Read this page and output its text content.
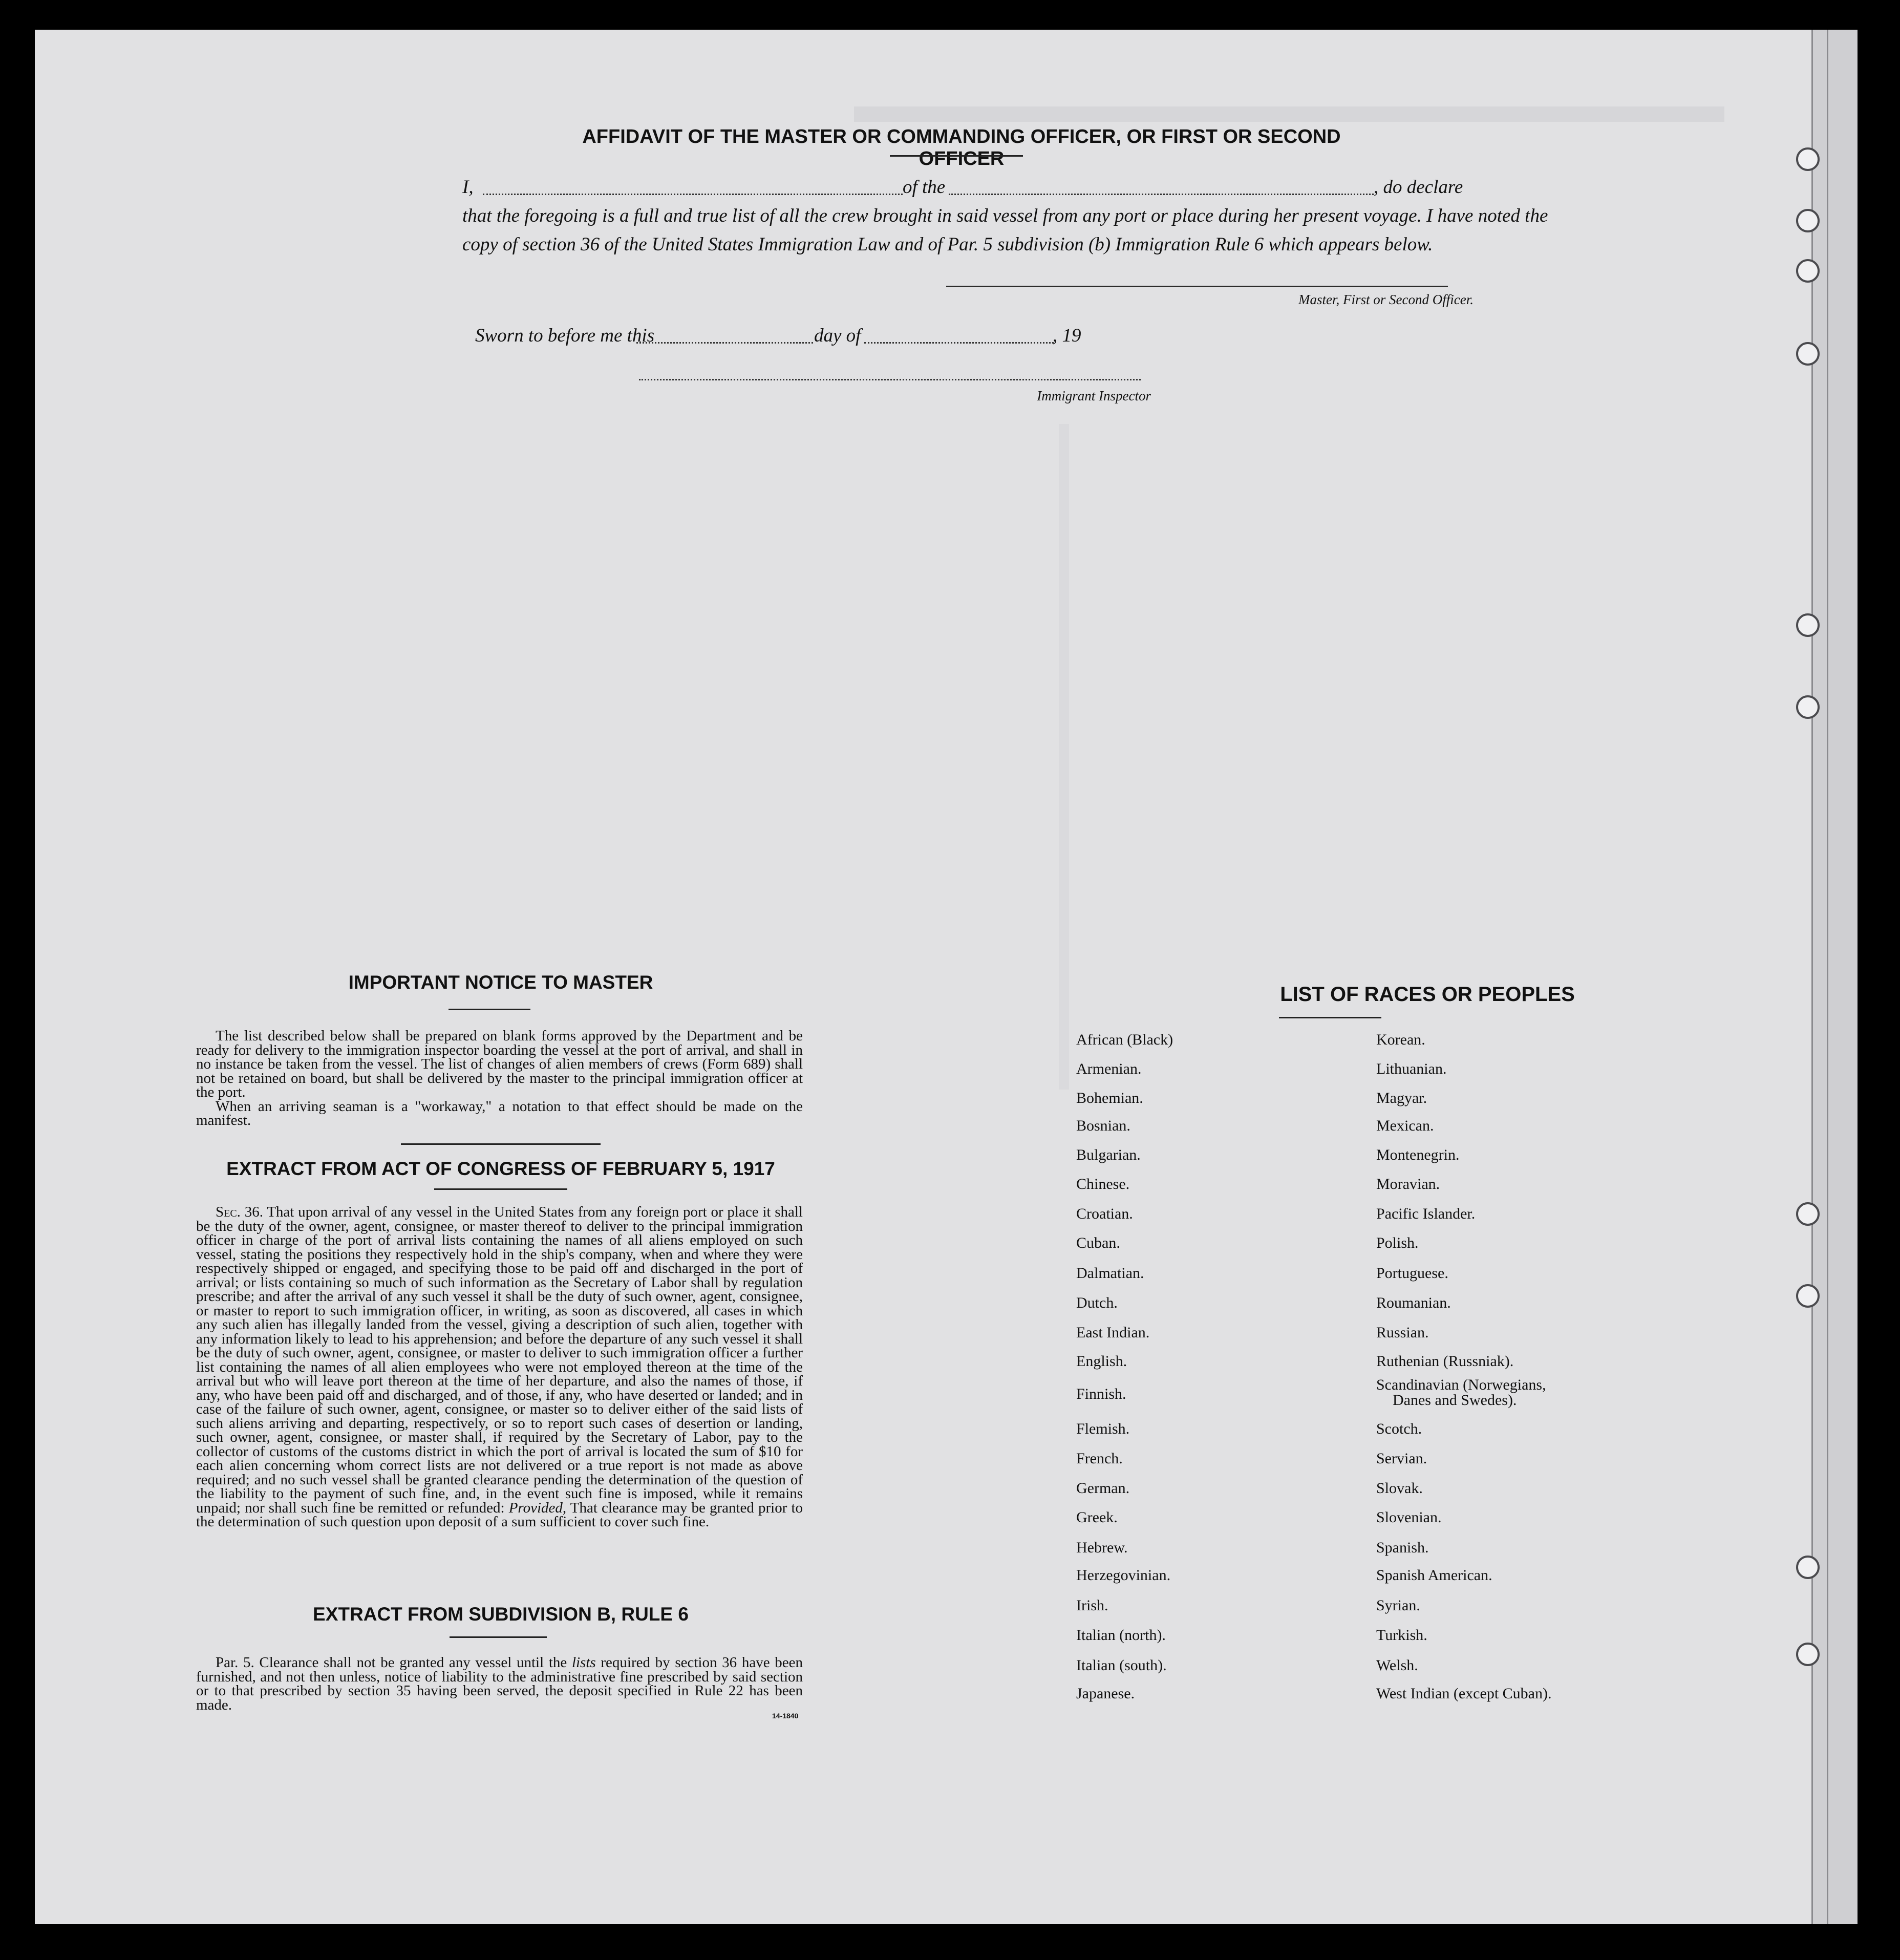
AFFIDAVIT OF THE MASTER OR COMMANDING OFFICER, OR FIRST OR SECOND OFFICER
I,	of the	, do declare
that the foregoing is a full and true list of all the crew brought in said vessel from any port or place during her present voyage. I have noted the
copy of section 36 of the United States Immigration Law and of Par. 5 subdivision (b) Immigration Rule 6 which appears below.
Master, First or Second Officer.
Sworn to before me this	day of	, 19
Immigrant Inspector
IMPORTANT NOTICE TO MASTER

The list described below shall be prepared on blank forms approved by the Department and be ready for delivery to the immigration inspector boarding the vessel at the port of arrival, and shall in no instance be taken from the vessel. The list of changes of alien members of crews (Form 689) shall not be retained on board, but shall be delivered by the master to the principal immigration officer at the port.

When an arriving seaman is a "workaway," a notation to that effect should be made on the manifest.

EXTRACT FROM ACT OF CONGRESS OF FEBRUARY 5, 1917

Sec. 36. That upon arrival of any vessel in the United States from any foreign port or place it shall be the duty of the owner, agent, consignee, or master thereof to deliver to the principal immigration officer in charge of the port of arrival lists containing the names of all aliens employed on such vessel, stating the positions they respectively hold in the ship's company, when and where they were respectively shipped or engaged, and specifying those to be paid off and discharged in the port of arrival; or lists containing so much of such information as the Secretary of Labor shall by regulation prescribe; and after the arrival of any such vessel it shall be the duty of such owner, agent, consignee, or master to report to such immigration officer, in writing, as soon as discovered, all cases in which any such alien has illegally landed from the vessel, giving a description of such alien, together with any information likely to lead to his apprehension; and before the departure of any such vessel it shall be the duty of such owner, agent, consignee, or master to deliver to such immigration officer a further list containing the names of all alien employees who were not employed thereon at the time of the arrival but who will leave port thereon at the time of her departure, and also the names of those, if any, who have been paid off and discharged, and of those, if any, who have deserted or landed; and in case of the failure of such owner, agent, consignee, or master so to deliver either of the said lists of such aliens arriving and departing, respectively, or so to report such cases of desertion or landing, such owner, agent, consignee, or master shall, if required by the Secretary of Labor, pay to the collector of customs of the customs district in which the port of arrival is located the sum of $10 for each alien concerning whom correct lists are not delivered or a true report is not made as above required; and no such vessel shall be granted clearance pending the determination of the question of the liability to the payment of such fine, and, in the event such fine is imposed, while it remains unpaid; nor shall such fine be remitted or refunded: Provided, That clearance may be granted prior to the determination of such question upon deposit of a sum sufficient to cover such fine.

EXTRACT FROM SUBDIVISION B, RULE 6

Par. 5. Clearance shall not be granted any vessel until the lists required by section 36 have been furnished, and not then unless, notice of liability to the administrative fine prescribed by said section or to that prescribed by section 35 having been served, the deposit specified in Rule 22 has been made.

14-1840
LIST OF RACES OR PEOPLES
African (Black)
Armenian.
Bohemian.
Bosnian.
Bulgarian.
Chinese.
Croatian.
Cuban.
Dalmatian.
Dutch.
East Indian.
English.
Finnish.
Flemish.
French.
German.
Greek.
Hebrew.
Herzegovinian.
Irish.
Italian (north).
Italian (south).
Japanese.
Korean.
Lithuanian.
Magyar.
Mexican.
Montenegrin.
Moravian.
Pacific Islander.
Polish.
Portuguese.
Roumanian.
Russian.
Ruthenian (Russniak).
Scandinavian (Norwegians,
Scotch.
Servian.
Slovak.
Slovenian.
Spanish.
Spanish American.
Syrian.
Turkish.
Welsh.
West Indian (except Cuban).
Danes and Swedes).
